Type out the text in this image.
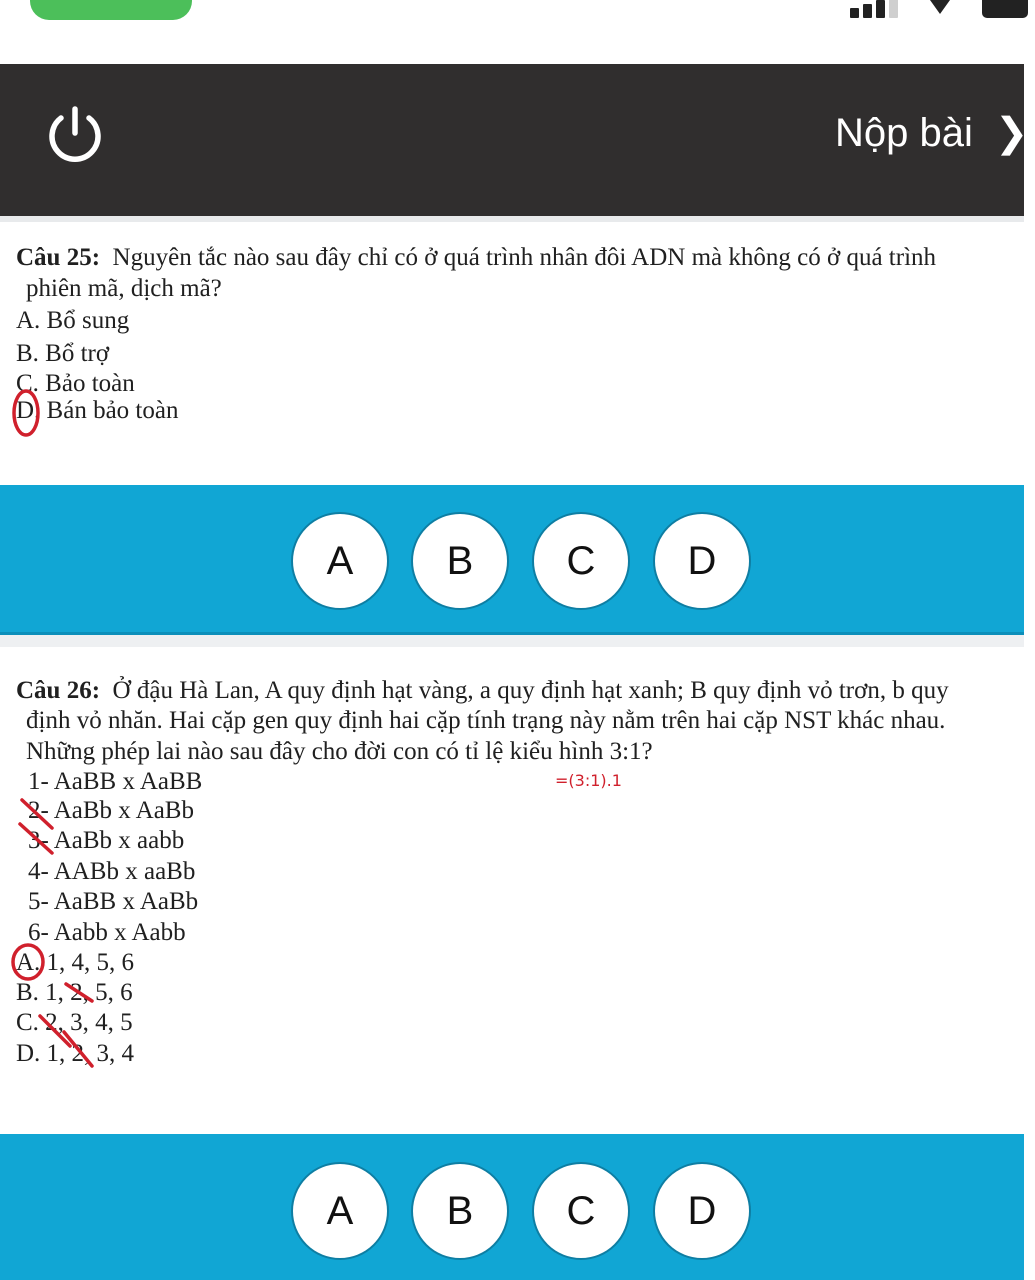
Nộp bài ❯
Câu 25: Nguyên tắc nào sau đây chỉ có ở quá trình nhân đôi ADN mà không có ở quá trình
phiên mã, dịch mã?
A. Bổ sung
B. Bổ trợ
C. Bảo toàn
D. Bán bảo toàn
A	B	C	D
Câu 26: Ở đậu Hà Lan, A quy định hạt vàng, a quy định hạt xanh; B quy định vỏ trơn, b quy
định vỏ nhăn. Hai cặp gen quy định hai cặp tính trạng này nằm trên hai cặp NST khác nhau.
Những phép lai nào sau đây cho đời con có tỉ lệ kiểu hình 3:1?
1- AaBB x AaBB
2- AaBb x AaBb
3- AaBb x aabb
4- AABb x aaBb
5- AaBB x AaBb
6- Aabb x Aabb
A. 1, 4, 5, 6
B. 1, 2, 5, 6
C. 2, 3, 4, 5
D. 1, 2, 3, 4
=(3:1).1
A	B	C	D
